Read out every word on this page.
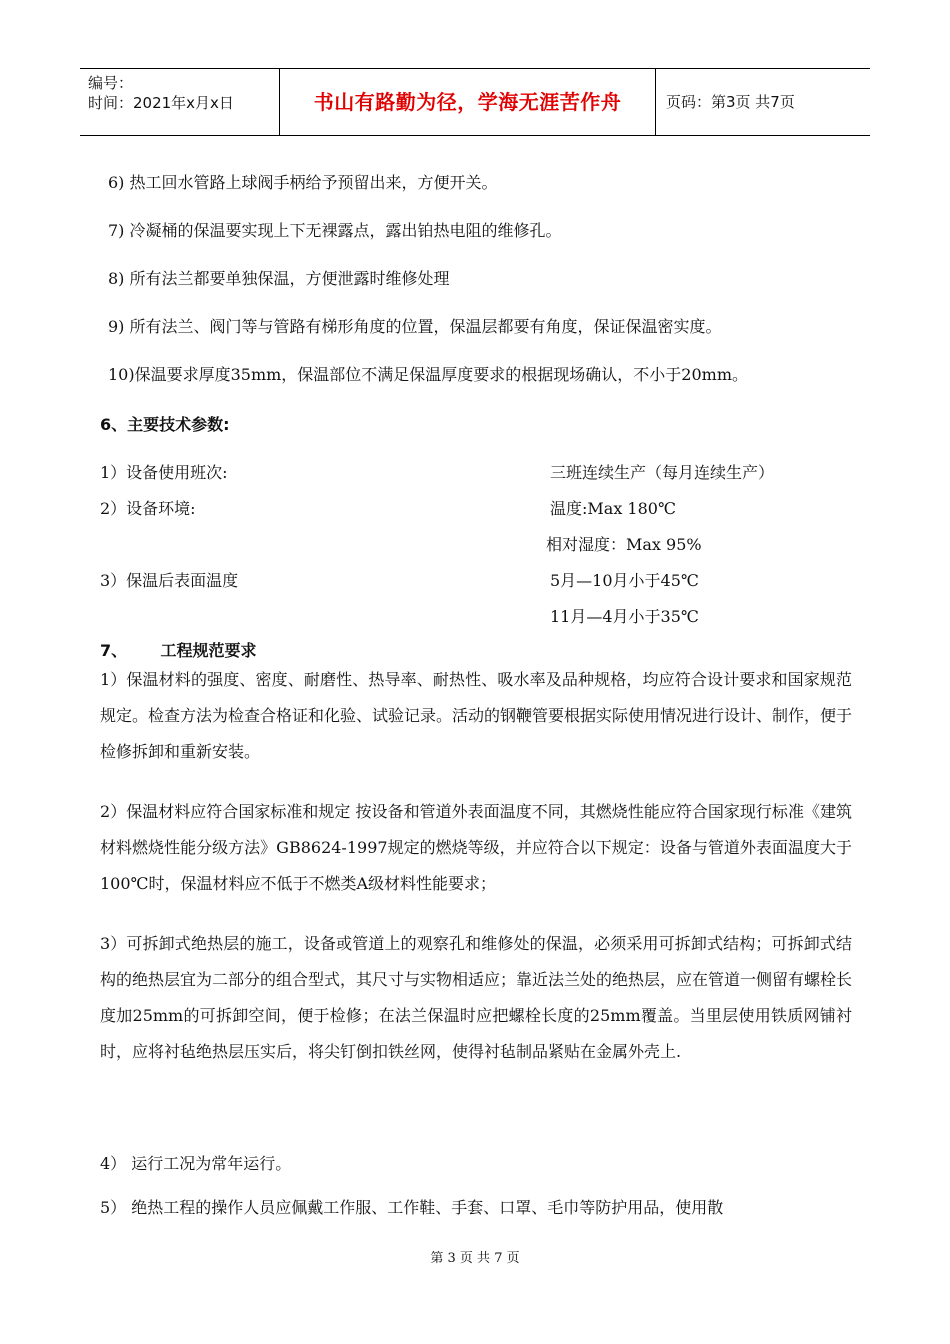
编号：
时间：2021年x月x日	书山有路勤为径，学海无涯苦作舟	页码：第3页 共7页
6) 热工回水管路上球阀手柄给予预留出来，方便开关。
7) 冷凝桶的保温要实现上下无裸露点，露出铂热电阻的维修孔。
8) 所有法兰都要单独保温，方便泄露时维修处理
9) 所有法兰、阀门等与管路有梯形角度的位置，保温层都要有角度，保证保温密实度。
10)保温要求厚度35mm，保温部位不满足保温厚度要求的根据现场确认，不小于20mm。
6、主要技术参数:
1）设备使用班次:	三班连续生产（每月连续生产）
2）设备环境:	温度:Max 180℃
相对湿度：Max 95%
3）保温后表面温度	5月—10月小于45℃
11月—4月小于35℃
7、      工程规范要求
1）保温材料的强度、密度、耐磨性、热导率、耐热性、吸水率及品种规格，均应符合设计要求和国家规范规定。检查方法为检查合格证和化验、试验记录。活动的钢鞭管要根据实际使用情况进行设计、制作，便于检修拆卸和重新安装。
2）保温材料应符合国家标准和规定 按设备和管道外表面温度不同，其燃烧性能应符合国家现行标准《建筑材料燃烧性能分级方法》GB8624-1997规定的燃烧等级，并应符合以下规定：设备与管道外表面温度大于100℃时，保温材料应不低于不燃类A级材料性能要求；
3）可拆卸式绝热层的施工，设备或管道上的观察孔和维修处的保温，必须采用可拆卸式结构；可拆卸式结构的绝热层宜为二部分的组合型式，其尺寸与实物相适应；靠近法兰处的绝热层，应在管道一侧留有螺栓长度加25mm的可拆卸空间，便于检修；在法兰保温时应把螺栓长度的25mm覆盖。当里层使用铁质网铺衬时，应将衬毡绝热层压实后，将尖钉倒扣铁丝网，使得衬毡制品紧贴在金属外壳上.
4） 运行工况为常年运行。
5） 绝热工程的操作人员应佩戴工作服、工作鞋、手套、口罩、毛巾等防护用品，使用散
第 3 页 共 7 页
